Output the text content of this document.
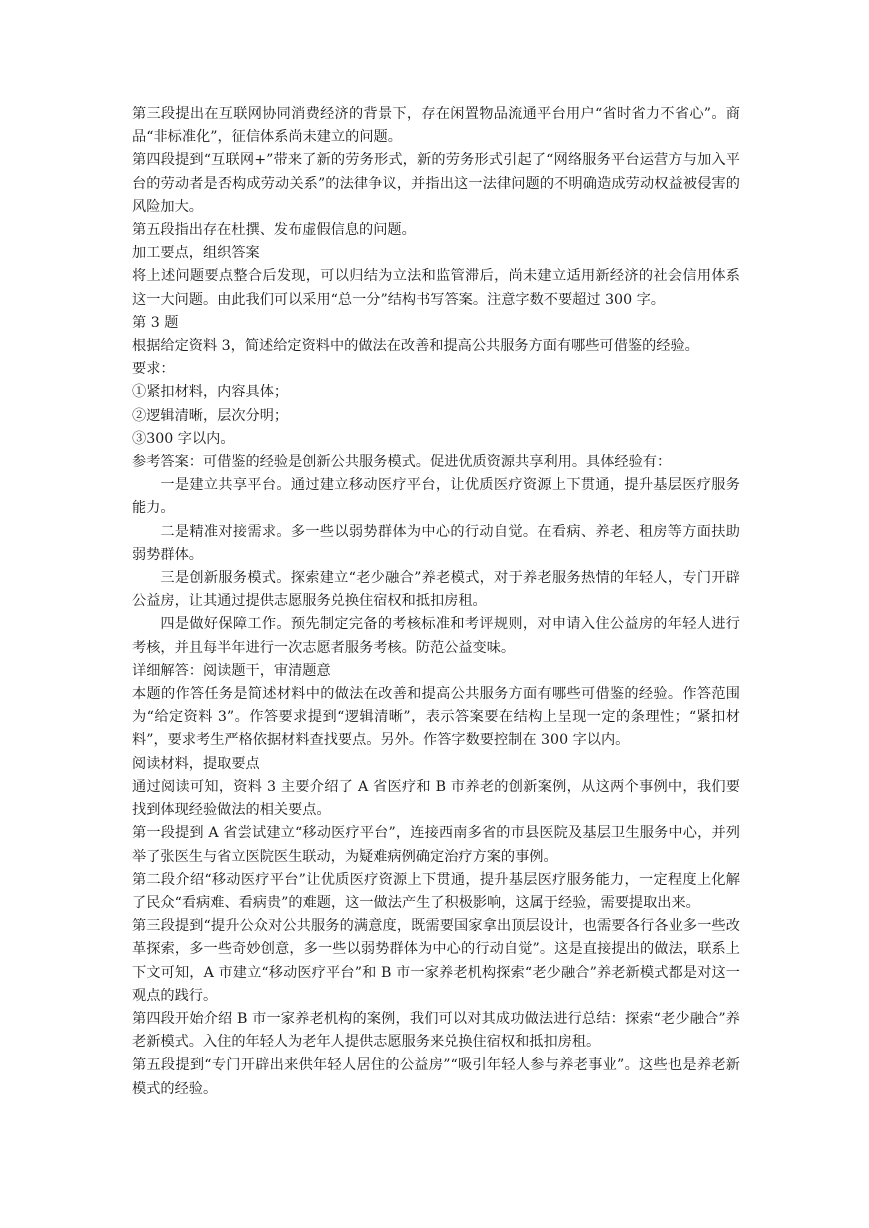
第三段提出在互联网协同消费经济的背景下，存在闲置物品流通平台用户“省时省力不省心”。商品“非标准化”，征信体系尚未建立的问题。

第四段提到“互联网+”带来了新的劳务形式，新的劳务形式引起了“网络服务平台运营方与加入平台的劳动者是否构成劳动关系”的法律争议，并指出这一法律问题的不明确造成劳动权益被侵害的风险加大。

第五段指出存在杜撰、发布虚假信息的问题。

加工要点，组织答案

将上述问题要点整合后发现，可以归结为立法和监管滞后，尚未建立适用新经济的社会信用体系这一大问题。由此我们可以采用“总一分”结构书写答案。注意字数不要超过 300 字。

第 3 题

根据给定资料 3，简述给定资料中的做法在改善和提高公共服务方面有哪些可借鉴的经验。

要求：

①紧扣材料，内容具体；

②逻辑清晰，层次分明；

③300 字以内。

参考答案：可借鉴的经验是创新公共服务模式。促进优质资源共享利用。具体经验有：

一是建立共享平台。通过建立移动医疗平台，让优质医疗资源上下贯通，提升基层医疗服务能力。

二是精准对接需求。多一些以弱势群体为中心的行动自觉。在看病、养老、租房等方面扶助弱势群体。

三是创新服务模式。探索建立“老少融合”养老模式，对于养老服务热情的年轻人，专门开辟公益房，让其通过提供志愿服务兑换住宿权和抵扣房租。

四是做好保障工作。预先制定完备的考核标准和考评规则，对申请入住公益房的年轻人进行考核，并且每半年进行一次志愿者服务考核。防范公益变味。

详细解答：阅读题干，审清题意

本题的作答任务是简述材料中的做法在改善和提高公共服务方面有哪些可借鉴的经验。作答范围为“给定资料 3”。作答要求提到“逻辑清晰”，表示答案要在结构上呈现一定的条理性；“紧扣材料”，要求考生严格依据材料查找要点。另外。作答字数要控制在 300 字以内。

阅读材料，提取要点

通过阅读可知，资料 3 主要介绍了 A 省医疗和 B 市养老的创新案例，从这两个事例中，我们要找到体现经验做法的相关要点。

第一段提到 A 省尝试建立“移动医疗平台”，连接西南多省的市县医院及基层卫生服务中心，并列举了张医生与省立医院医生联动，为疑难病例确定治疗方案的事例。

第二段介绍“移动医疗平台”让优质医疗资源上下贯通，提升基层医疗服务能力，一定程度上化解了民众“看病难、看病贵”的难题，这一做法产生了积极影响，这属于经验，需要提取出来。

第三段提到“提升公众对公共服务的满意度，既需要国家拿出顶层设计，也需要各行各业多一些改革探索，多一些奇妙创意，多一些以弱势群体为中心的行动自觉”。这是直接提出的做法，联系上下文可知，A 市建立“移动医疗平台”和 B 市一家养老机构探索“老少融合”养老新模式都是对这一观点的践行。

第四段开始介绍 B 市一家养老机构的案例，我们可以对其成功做法进行总结：探索“老少融合”养老新模式。入住的年轻人为老年人提供志愿服务来兑换住宿权和抵扣房租。

第五段提到“专门开辟出来供年轻人居住的公益房”“吸引年轻人参与养老事业”。这些也是养老新模式的经验。
